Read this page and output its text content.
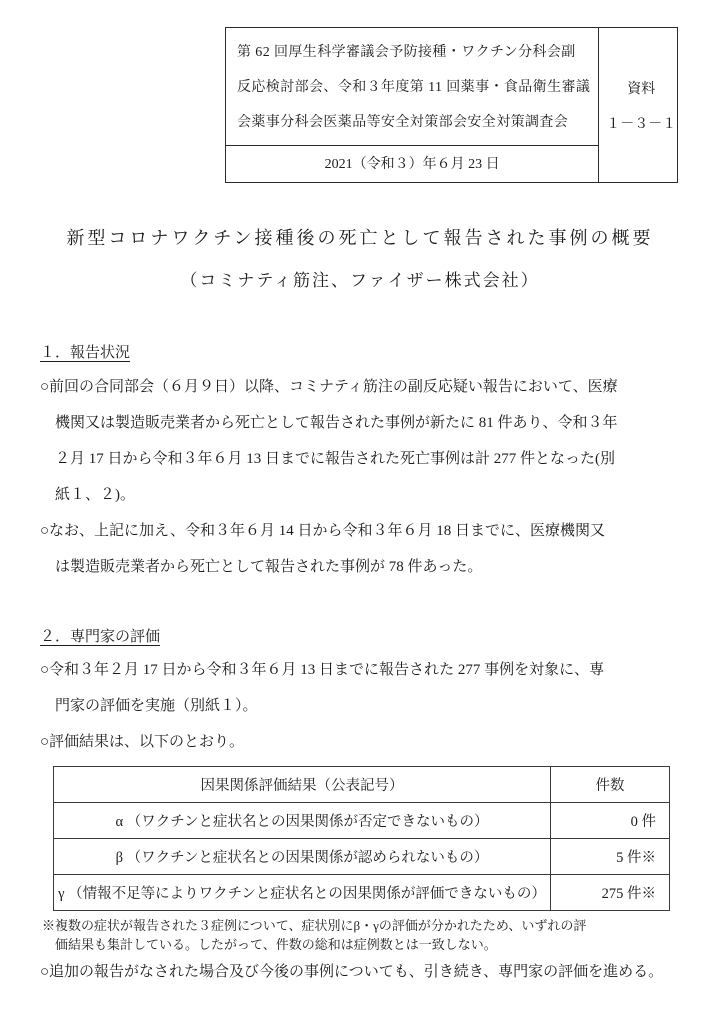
第 62 回厚生科学審議会予防接種・ワクチン分科会副
反応検討部会、令和３年度第 11 回薬事・食品衛生審議
会薬事分科会医薬品等安全対策部会安全対策調査会
2021（令和３）年６月 23 日
資料
１－３－１
新型コロナワクチン接種後の死亡として報告された事例の概要
（コミナティ筋注、ファイザー株式会社）
１．報告状況
○前回の合同部会（６月９日）以降、コミナティ筋注の副反応疑い報告において、医療
機関又は製造販売業者から死亡として報告された事例が新たに 81 件あり、令和３年
２月 17 日から令和３年６月 13 日までに報告された死亡事例は計 277 件となった(別
紙１、２)。
○なお、上記に加え、令和３年６月 14 日から令和３年６月 18 日までに、医療機関又
は製造販売業者から死亡として報告された事例が 78 件あった。
２．専門家の評価
○令和３年２月 17 日から令和３年６月 13 日までに報告された 277 事例を対象に、専
門家の評価を実施（別紙１）。
○評価結果は、以下のとおり。
因果関係評価結果（公表記号）	件数
α （ワクチンと症状名との因果関係が否定できないもの）	0 件
β （ワクチンと症状名との因果関係が認められないもの）	5 件※
γ （情報不足等によりワクチンと症状名との因果関係が評価できないもの）	275 件※
※複数の症状が報告された３症例について、症状別にβ・γの評価が分かれたため、いずれの評
価結果も集計している。したがって、件数の総和は症例数とは一致しない。
○追加の報告がなされた場合及び今後の事例についても、引き続き、専門家の評価を進める。
